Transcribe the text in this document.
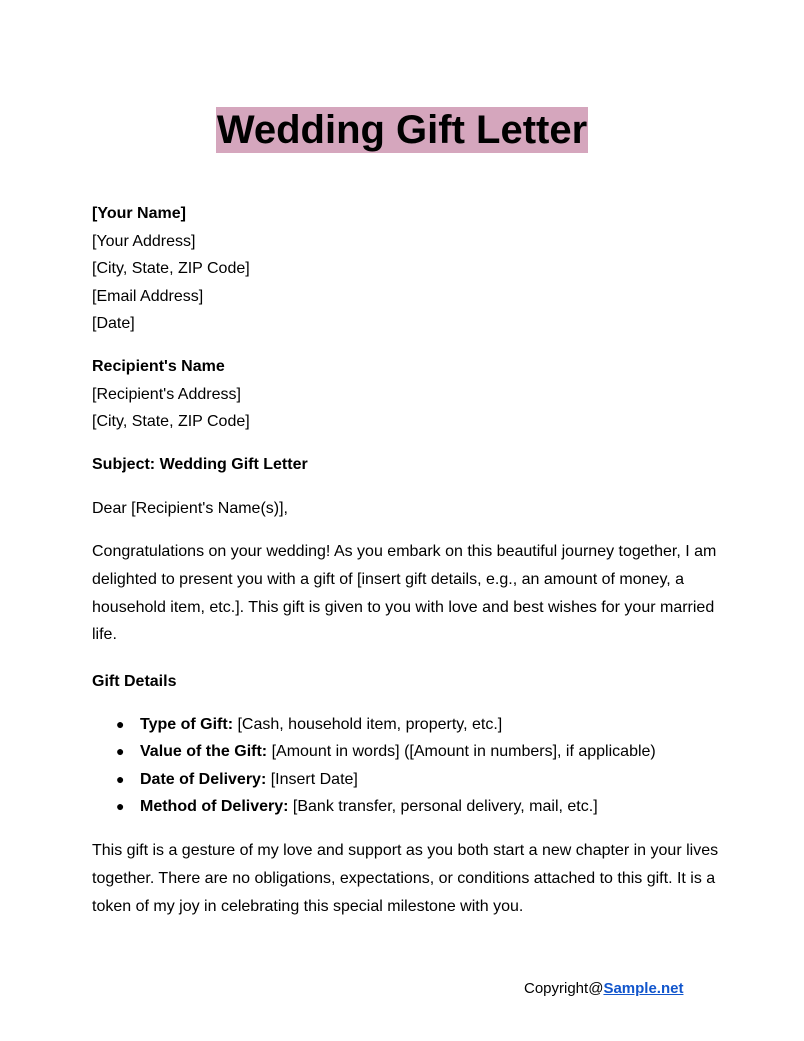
Wedding Gift Letter
[Your Name]
[Your Address]
[City, State, ZIP Code]
[Email Address]
[Date]
Recipient's Name
[Recipient's Address]
[City, State, ZIP Code]
Subject: Wedding Gift Letter
Dear [Recipient's Name(s)],
Congratulations on your wedding! As you embark on this beautiful journey together, I am delighted to present you with a gift of [insert gift details, e.g., an amount of money, a household item, etc.]. This gift is given to you with love and best wishes for your married life.
Gift Details
● Type of Gift: [Cash, household item, property, etc.]
● Value of the Gift: [Amount in words] ([Amount in numbers], if applicable)
● Date of Delivery: [Insert Date]
● Method of Delivery: [Bank transfer, personal delivery, mail, etc.]
This gift is a gesture of my love and support as you both start a new chapter in your lives together. There are no obligations, expectations, or conditions attached to this gift. It is a token of my joy in celebrating this special milestone with you.
Copyright@Sample.net
